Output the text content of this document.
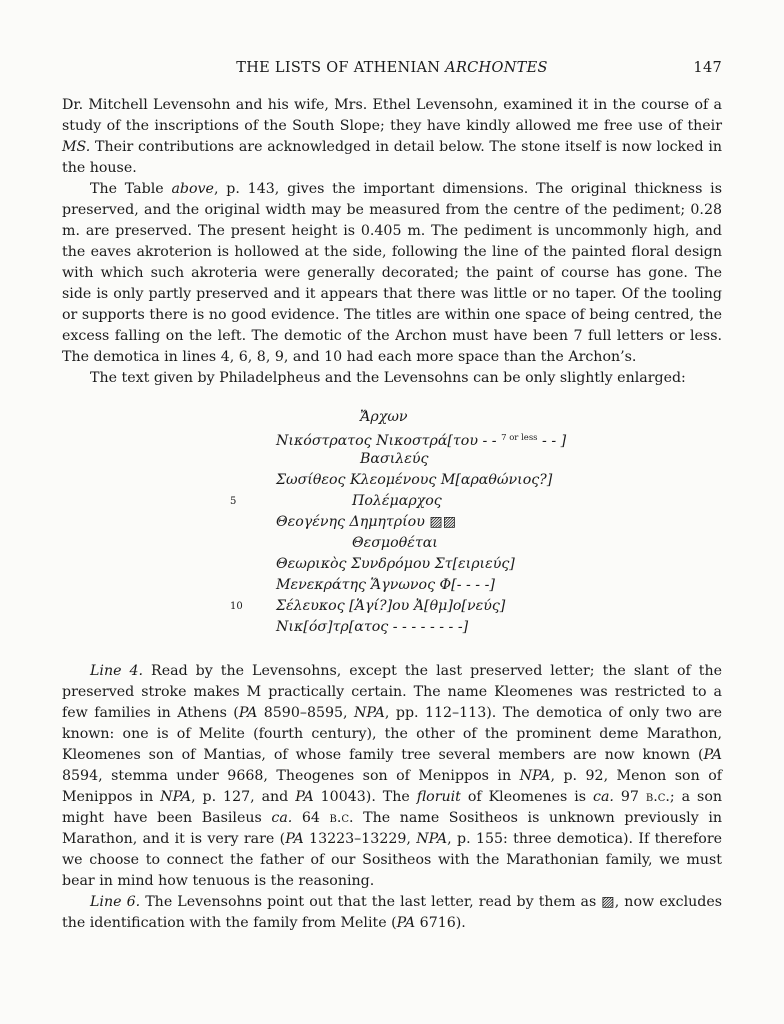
THE LISTS OF ATHENIAN ARCHONTES	147

Dr. Mitchell Levensohn and his wife, Mrs. Ethel Levensohn, examined it in the course of a study of the inscriptions of the South Slope; they have kindly allowed me free use of their MS. Their contributions are acknowledged in detail below. The stone itself is now locked in the house.

The Table above, p. 143, gives the important dimensions. The original thickness is preserved, and the original width may be measured from the centre of the pediment; 0.28 m. are preserved. The present height is 0.405 m. The pediment is uncommonly high, and the eaves akroterion is hollowed at the side, following the line of the painted floral design with which such akroteria were generally decorated; the paint of course has gone. The side is only partly preserved and it appears that there was little or no taper. Of the tooling or supports there is no good evidence. The titles are within one space of being centred, the excess falling on the left. The demotic of the Archon must have been 7 full letters or less. The demotica in lines 4, 6, 8, 9, and 10 had each more space than the Archon’s.

The text given by Philadelpheus and the Levensohns can be only slightly enlarged:

Ἄρχων
Νικόστρατος Νικοστρά[του - - $^{7 or less}$ - - ]
Βασιλεύς
Σωσίθεος Κλεομένους Μ[αραθώνιος?]
5	Πολέμαρχος
Θεογένης Δημητρίου ▨▨
Θεσμοθέται
Θεωρικὸς Συνδρόμου Στ[ειριεύς]
Μενεκράτης Ἅγνωνος Φ[- - - -]
10 Σέλευκος [Ἁγί?]ου Ἀ[θμ]ο[νεύς]
Νικ[όσ]τρ[ατος - - - - - - - -]

Line 4. Read by the Levensohns, except the last preserved letter; the slant of the preserved stroke makes M practically certain. The name Kleomenes was restricted to a few families in Athens (PA 8590–8595, NPA, pp. 112–113). The demotica of only two are known: one is of Melite (fourth century), the other of the prominent deme Marathon, Kleomenes son of Mantias, of whose family tree several members are now known (PA 8594, stemma under 9668, Theogenes son of Menippos in NPA, p. 92, Menon son of Menippos in NPA, p. 127, and PA 10043). The floruit of Kleomenes is ca. 97 b.c.; a son might have been Basileus ca. 64 b.c. The name Sositheos is unknown previously in Marathon, and it is very rare (PA 13223–13229, NPA, p. 155: three demotica). If therefore we choose to connect the father of our Sositheos with the Marathonian family, we must bear in mind how tenuous is the reasoning.

Line 6. The Levensohns point out that the last letter, read by them as ▨, now excludes the identification with the family from Melite (PA 6716).
